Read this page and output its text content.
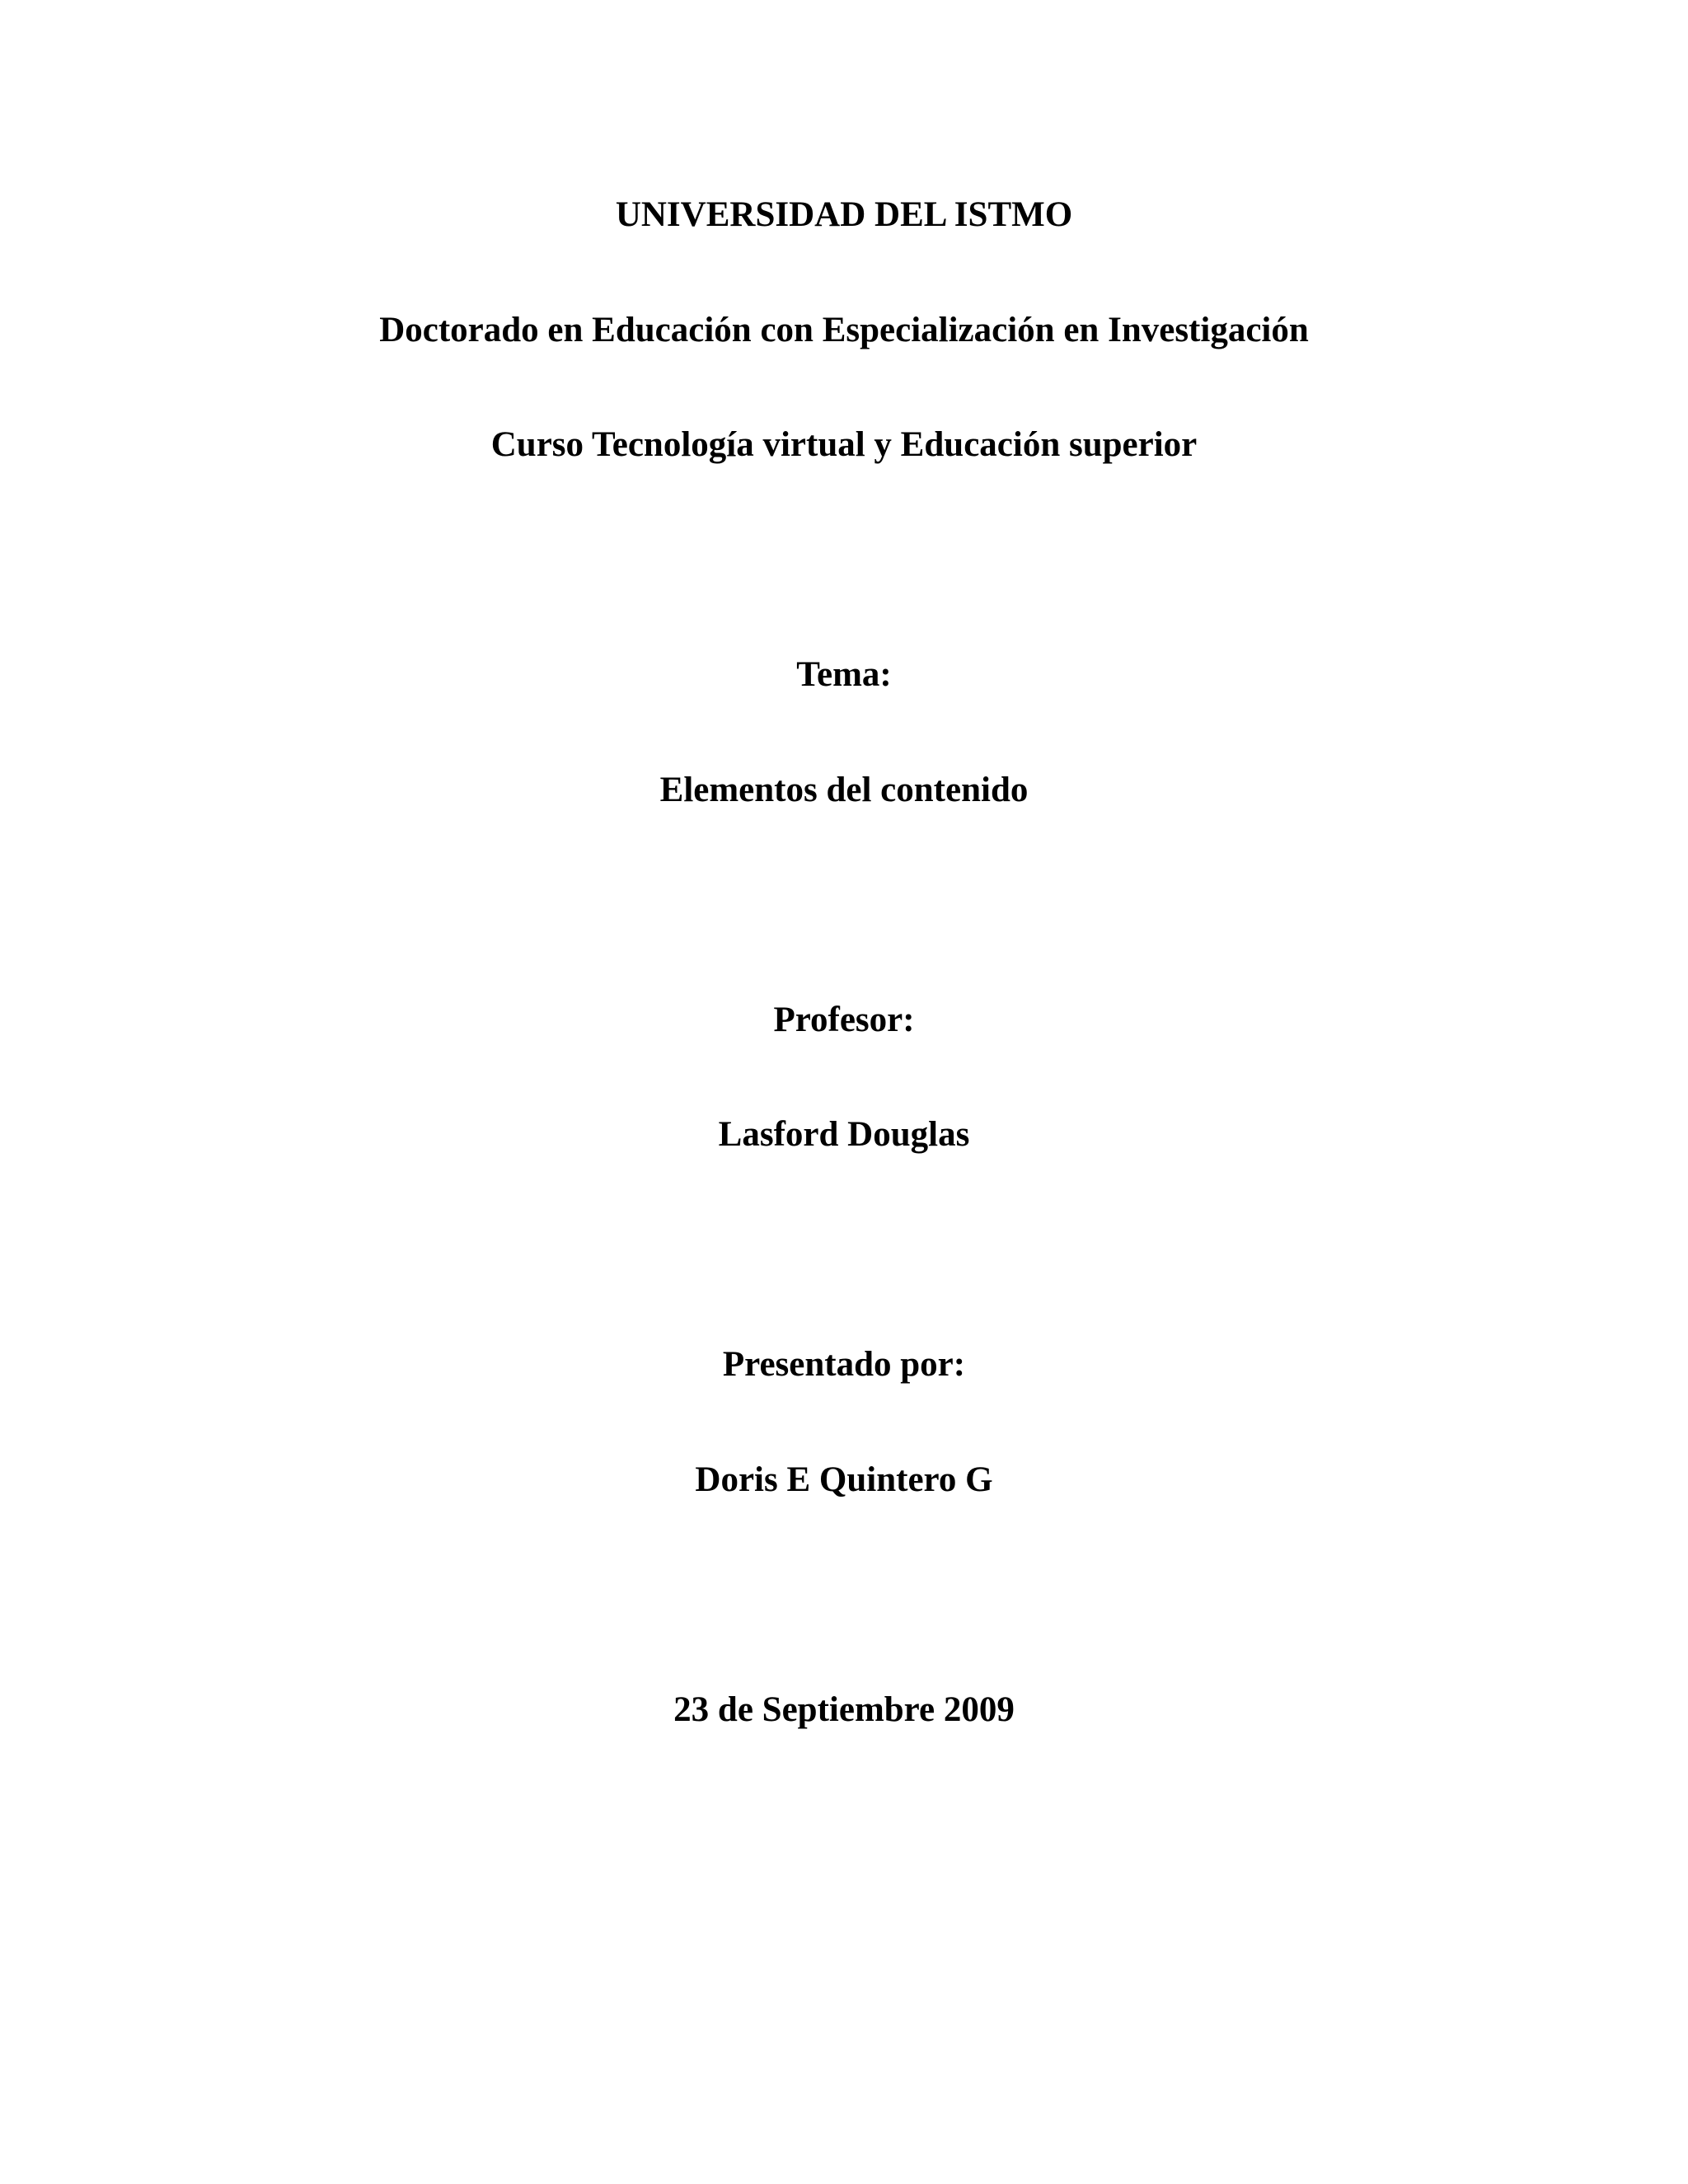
UNIVERSIDAD DEL ISTMO
Doctorado en Educación con Especialización en Investigación
Curso Tecnología virtual y Educación superior
Tema:
Elementos del contenido
Profesor:
Lasford Douglas
Presentado por:
Doris E Quintero G
23 de Septiembre 2009
